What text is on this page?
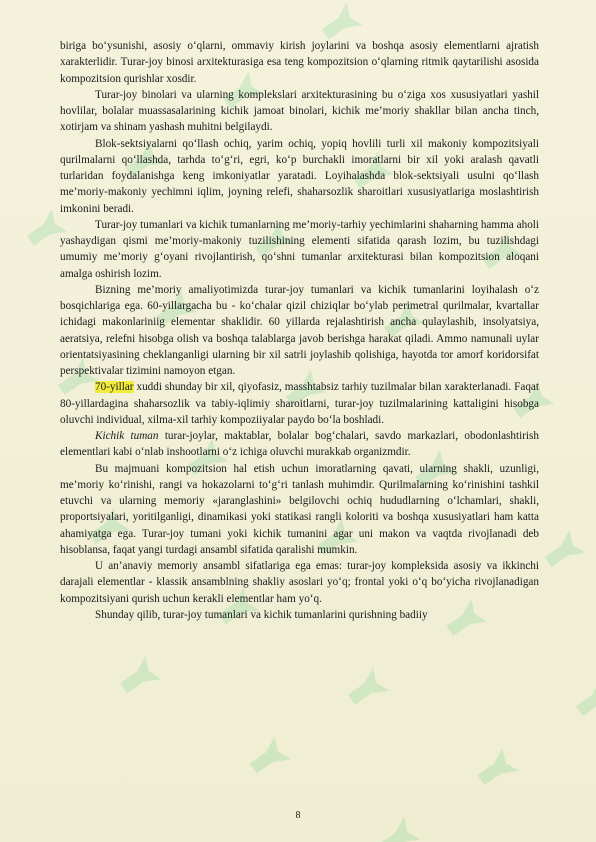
biriga bo‘ysunishi, asosiy o‘qlarni, ommaviy kirish joylarini va boshqa asosiy elementlarni ajratish xarakterlidir. Turar-joy binosi arxitekturasiga esa teng kompozitsion o‘qlarning ritmik qaytarilishi asosida kompozitsion qurishlar xosdir.

Turar-joy binolari va ularning komplekslari arxitekturasining bu o‘ziga xos xususiyatlari yashil hovlilar, bolalar muassasalarining kichik jamoat binolari, kichik me’moriy shakllar bilan ancha tinch, xotirjam va shinam yashash muhitni belgilaydi.

Blok-sektsiyalarni qo‘llash ochiq, yarim ochiq, yopiq hovlili turli xil makoniy kompozitsiyali qurilmalarni qo‘llashda, tarhda to‘g‘ri, egri, ko‘p burchakli imoratlarni bir xil yoki aralash qavatli turlaridan foydalanishga keng imkoniyatlar yaratadi. Loyihalashda blok-sektsiyali usulni qo‘llash me’moriy-makoniy yechimni iqlim, joyning relefi, shaharsozlik sharoitlari xususiyatlariga moslashtirish imkonini beradi.

Turar-joy tumanlari va kichik tumanlarning me’moriy-tarhiy yechimlarini shaharning hamma aholi yashaydigan qismi me’moriy-makoniy tuzilishining elementi sifatida qarash lozim, bu tuzilishdagi umumiy me’moriy g‘oyani rivojlantirish, qo‘shni tumanlar arxitekturasi bilan kompozitsion aloqani amalga oshirish lozim.

Bizning me’moriy amaliyotimizda turar-joy tumanlari va kichik tumanlarini loyihalash o‘z bosqichlariga ega. 60-yillargacha bu - ko‘chalar qizil chiziqlar bo‘ylab perimetral qurilmalar, kvartallar ichidagi makonlariniig elementar shaklidir. 60 yillarda rejalashtirish ancha qulaylashib, insolyatsiya, aeratsiya, relefni hisobga olish va boshqa talablarga javob berishga harakat qiladi. Ammo namunali uylar orientatsiyasining cheklanganligi ularning bir xil satrli joylashib qolishiga, hayotda tor amorf koridorsifat perspektivalar tizimini namoyon etgan.

70-yillar xuddi shunday bir xil, qiyofasiz, masshtabsiz tarhiy tuzilmalar bilan xarakterlanadi. Faqat 80-yillardagina shaharsozlik va tabiy-iqlimiy sharoitlarni, turar-joy tuzilmalarining kattaligini hisobga oluvchi individual, xilma-xil tarhiy kompoziiyalar paydo bo‘la boshladi.

Kichik tuman turar-joylar, maktablar, bolalar bog‘chalari, savdo markazlari, obodonlashtirish elementlari kabi o‘nlab inshootlarni o‘z ichiga oluvchi murakkab organizmdir.

Bu majmuani kompozitsion hal etish uchun imoratlarning qavati, ularning shakli, uzunligi, me’moriy ko‘rinishi, rangi va hokazolarni to‘g‘ri tanlash muhimdir. Qurilmalarning ko‘rinishini tashkil etuvchi va ularning memoriy «jaranglashini» belgilovchi ochiq hududlarning o‘lchamlari, shakli, proportsiyalari, yoritilganligi, dinamikasi yoki statikasi rangli koloriti va boshqa xususiyatlari ham katta ahamiyatga ega. Turar-joy tumani yoki kichik tumanini agar uni makon va vaqtda rivojlanadi deb hisoblansa, faqat yangi turdagi ansambl sifatida qaralishi mumkin.

U an’anaviy memoriy ansambl sifatlariga ega emas: turar-joy kompleksida asosiy va ikkinchi darajali elementlar - klassik ansamblning shakliy asoslari yo‘q; frontal yoki o‘q bo‘yicha rivojlanadigan kompozitsiyani qurish uchun kerakli elementlar ham yo‘q.

Shunday qilib, turar-joy tumanlari va kichik tumanlarini qurishning badiiy

8
